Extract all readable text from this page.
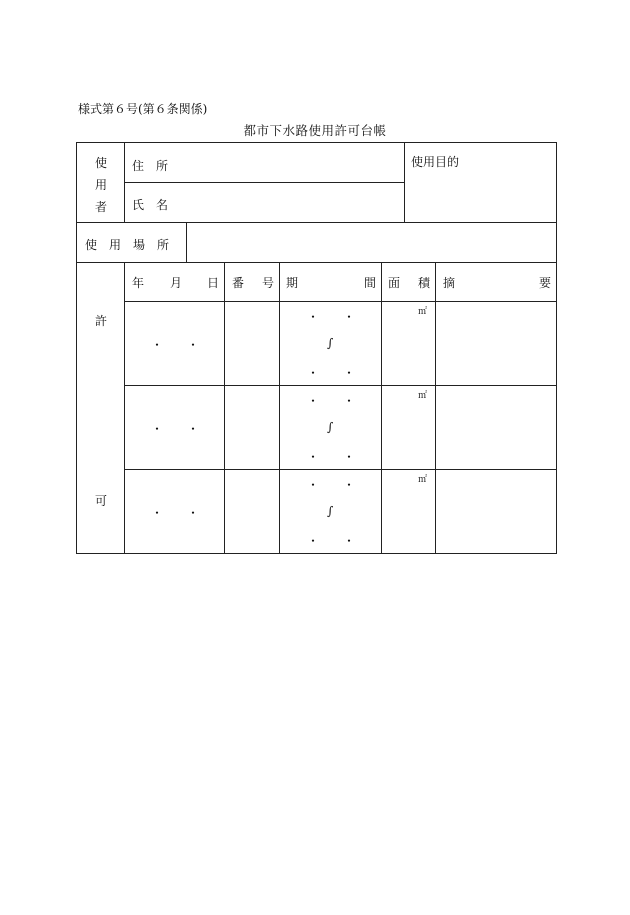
様式第６号(第６条関係)
都市下水路使用許可台帳
使
用
者
住　所
氏　名
使用目的
使　用　場　所
許
可
年 月 日 番 号 期	間 面 積 摘	要
・　　・
・　　・
∫
・　　・
㎡
・　　・
・　　・
∫
・　　・
㎡
・　　・
・　　・
∫
・　　・
㎡
